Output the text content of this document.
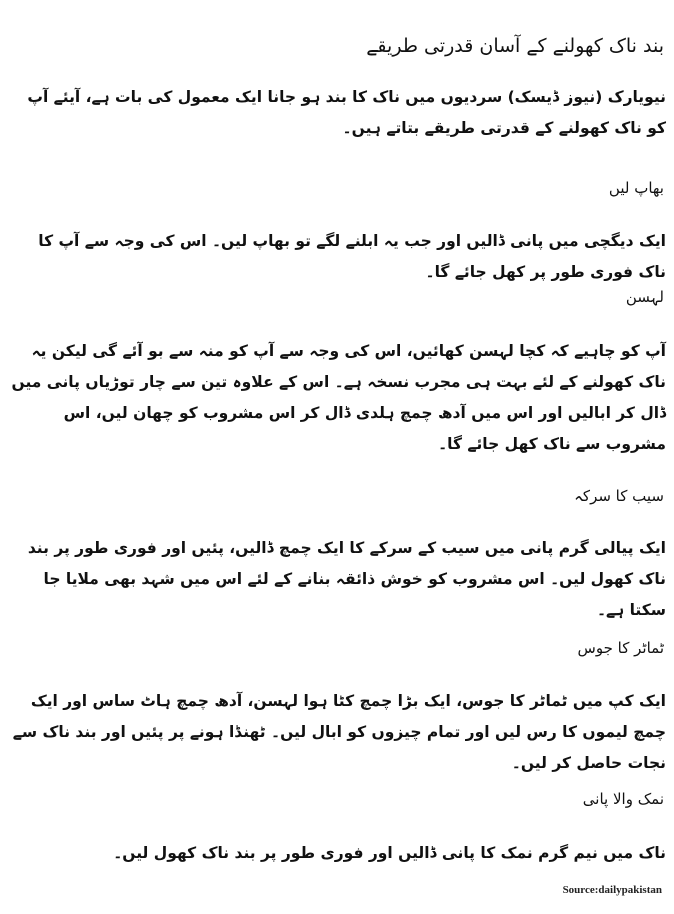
بند ناک کھولنے کے آسان قدرتی طریقے

نیویارک (نیوز ڈیسک) سردیوں میں ناک کا بند ہو جانا ایک معمول کی بات ہے، آیئے آپ کو ناک کھولنے کے قدرتی طریقے بتاتے ہیں۔

بھاپ لیں

ایک دیگچی میں پانی ڈالیں اور جب یہ ابلنے لگے تو بھاپ لیں۔ اس کی وجہ سے آپ کا ناک فوری طور پر کھل جائے گا۔

لہسن

آپ کو چاہیے کہ کچا لہسن کھائیں، اس کی وجہ سے آپ کو منہ سے بو آئے گی لیکن یہ ناک کھولنے کے لئے بہت ہی مجرب نسخہ ہے۔ اس کے علاوہ تین سے چار توڑیاں پانی میں ڈال کر ابالیں اور اس میں آدھ چمچ ہلدی ڈال کر اس مشروب کو چھان لیں، اس مشروب سے ناک کھل جائے گا۔

سیب کا سرکہ

ایک پیالی گرم پانی میں سیب کے سرکے کا ایک چمچ ڈالیں، پئیں اور فوری طور پر بند ناک کھول لیں۔ اس مشروب کو خوش ذائقہ بنانے کے لئے اس میں شہد بھی ملایا جا سکتا ہے۔

ٹماٹر کا جوس

ایک کپ میں ٹماٹر کا جوس، ایک بڑا چمچ کٹا ہوا لہسن، آدھ چمچ ہاٹ ساس اور ایک چمچ لیموں کا رس لیں اور تمام چیزوں کو ابال لیں۔ ٹھنڈا ہونے پر پئیں اور بند ناک سے نجات حاصل کر لیں۔

نمک والا پانی

ناک میں نیم گرم نمک کا پانی ڈالیں اور فوری طور پر بند ناک کھول لیں۔

Source:dailypakistan
